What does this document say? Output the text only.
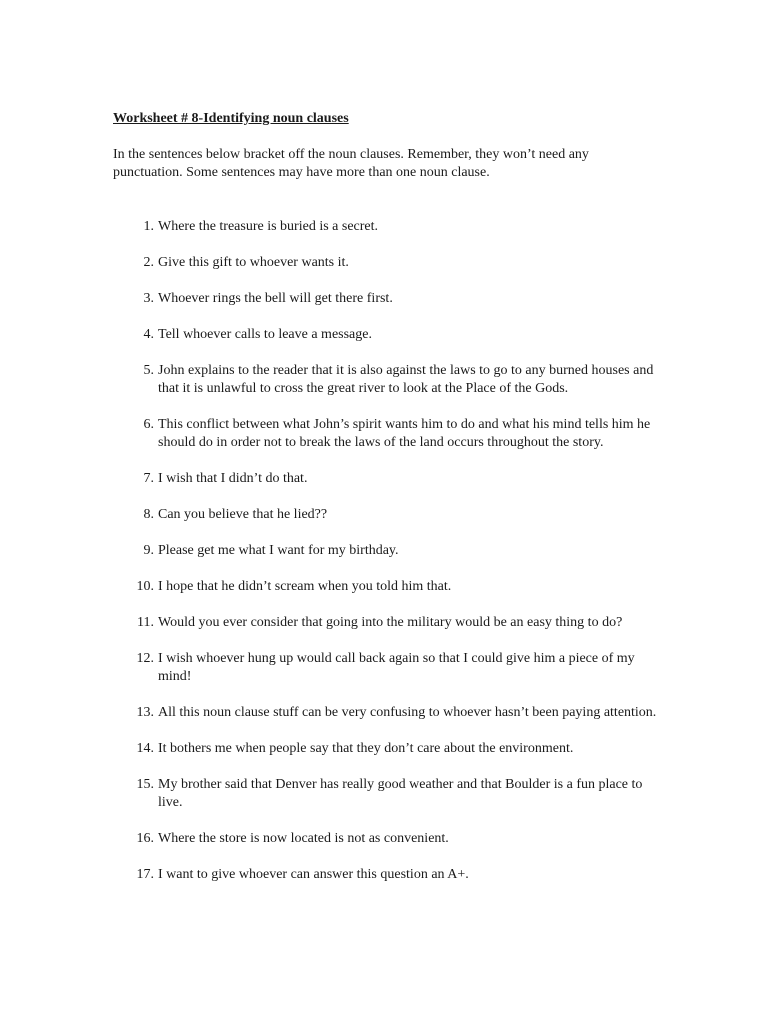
Worksheet # 8-Identifying noun clauses
In the sentences below bracket off the noun clauses. Remember, they won’t need any punctuation. Some sentences may have more than one noun clause.
1. Where the treasure is buried is a secret.
2. Give this gift to whoever wants it.
3. Whoever rings the bell will get there first.
4. Tell whoever calls to leave a message.
5. John explains to the reader that it is also against the laws to go to any burned houses and that it is unlawful to cross the great river to look at the Place of the Gods.
6. This conflict between what John’s spirit wants him to do and what his mind tells him he should do in order not to break the laws of the land occurs throughout the story.
7. I wish that I didn’t do that.
8. Can you believe that he lied??
9. Please get me what I want for my birthday.
10. I hope that he didn’t scream when you told him that.
11. Would you ever consider that going into the military would be an easy thing to do?
12. I wish whoever hung up would call back again so that I could give him a piece of my mind!
13. All this noun clause stuff can be very confusing to whoever hasn’t been paying attention.
14. It bothers me when people say that they don’t care about the environment.
15. My brother said that Denver has really good weather and that Boulder is a fun place to live.
16. Where the store is now located is not as convenient.
17. I want to give whoever can answer this question an A+.
